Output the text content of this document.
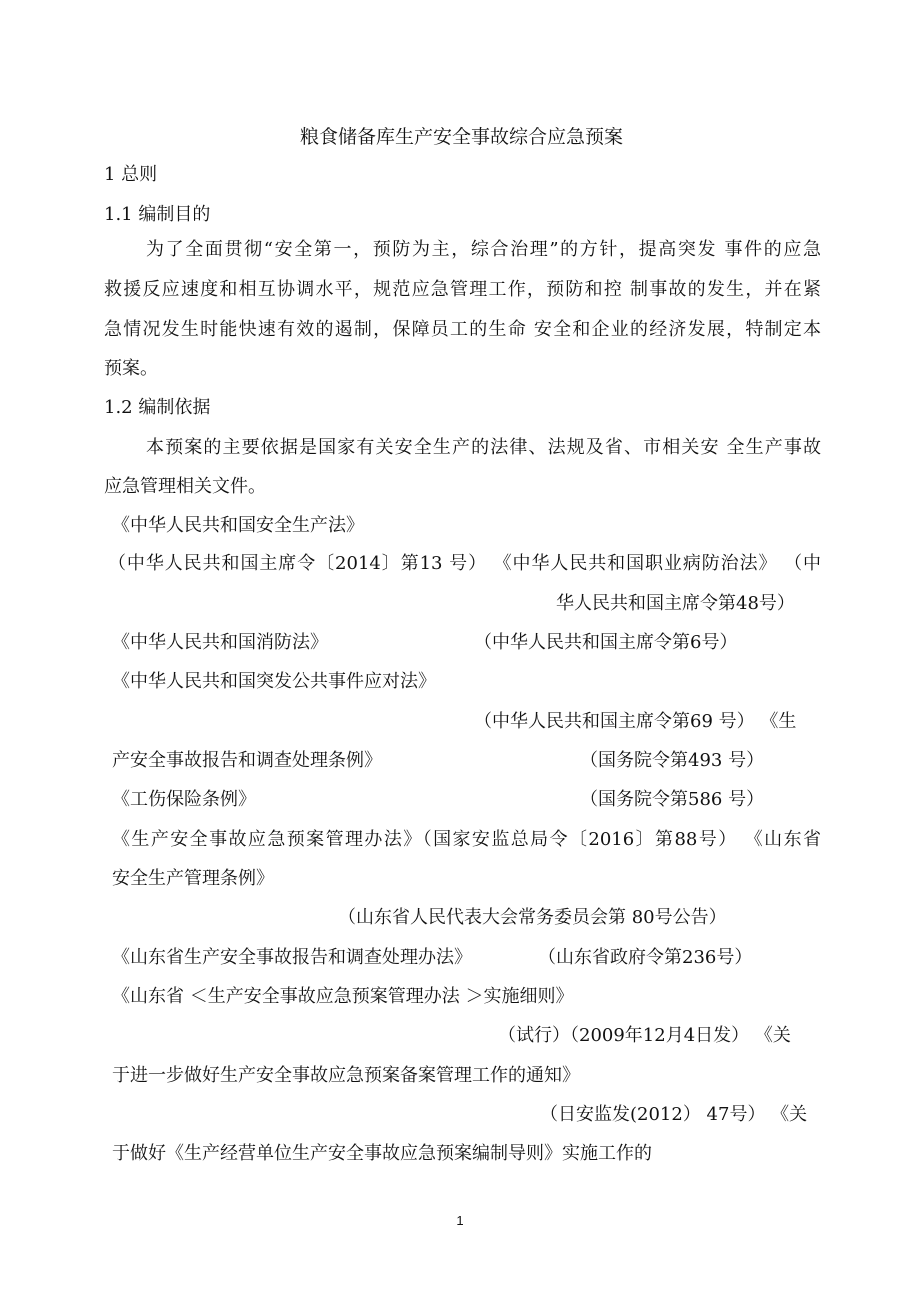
粮食储备库生产安全事故综合应急预案
1 总则
1.1 编制目的
为了全面贯彻“安全第一，预防为主，综合治理”的方针，提高突发 事件的应急
救援反应速度和相互协调水平，规范应急管理工作，预防和控 制事故的发生，并在紧
急情况发生时能快速有效的遏制，保障员工的生命 安全和企业的经济发展，特制定本
预案。
1.2 编制依据
本预案的主要依据是国家有关安全生产的法律、法规及省、市相关安 全生产事故
应急管理相关文件。
《中华人民共和国安全生产法》
（中华人民共和国主席令〔2014〕第13 号） 《中华人民共和国职业病防治法》 （中
华人民共和国主席令第48号）
《中华人民共和国消防法》	（中华人民共和国主席令第6号）
《中华人民共和国突发公共事件应对法》
（中华人民共和国主席令第69 号） 《生
产安全事故报告和调查处理条例》	（国务院令第493 号）
《工伤保险条例》	（国务院令第586 号）
《生产安全事故应急预案管理办法》（国家安监总局令〔2016〕第88号） 《山东省
安全生产管理条例》
（山东省人民代表大会常务委员会第 80号公告）
《山东省生产安全事故报告和调查处理办法》	（山东省政府令第236号）
《山东省 ＜生产安全事故应急预案管理办法 ＞实施细则》
（试行）（2009年12月4日发） 《关
于进一步做好生产安全事故应急预案备案管理工作的通知》
（日安监发(2012） 47号） 《关
于做好《生产经营单位生产安全事故应急预案编制导则》实施工作的
1
